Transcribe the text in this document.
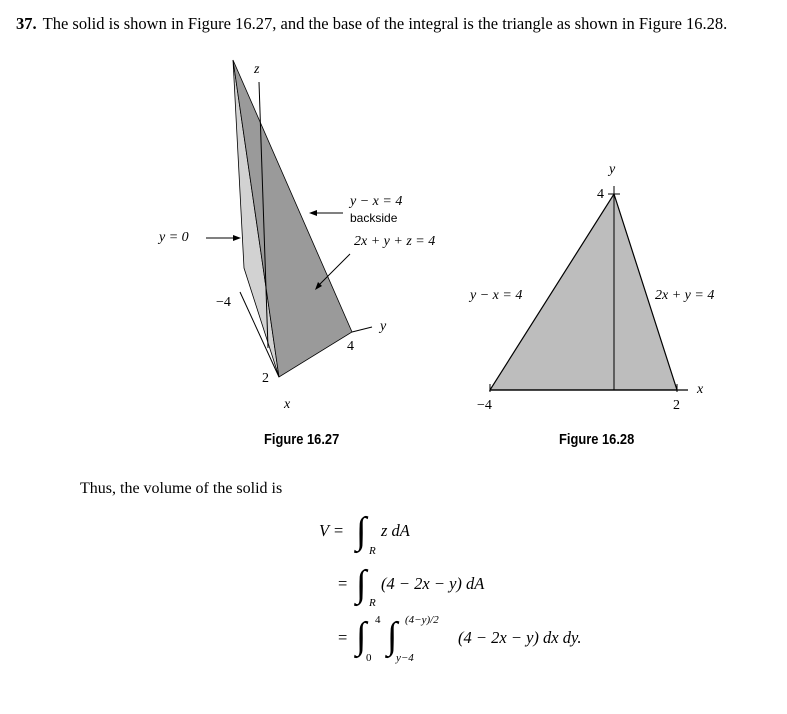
37. The solid is shown in Figure 16.27, and the base of the integral is the triangle as shown in Figure 16.28.
z
y − x = 4
backside
2x + y + z = 4
y = 0
−4
y
4
2
x
Figure 16.27
y
4
y − x = 4	2x + y = 4
x
−4	2
Figure 16.28
Thus, the volume of the solid is
V = ∫ R
z dA
= ∫ R
(4 − 2x − y) dA
= ∫ 4
0
∫ (4−y)/2
y−4
(4 − 2x − y) dx dy.
